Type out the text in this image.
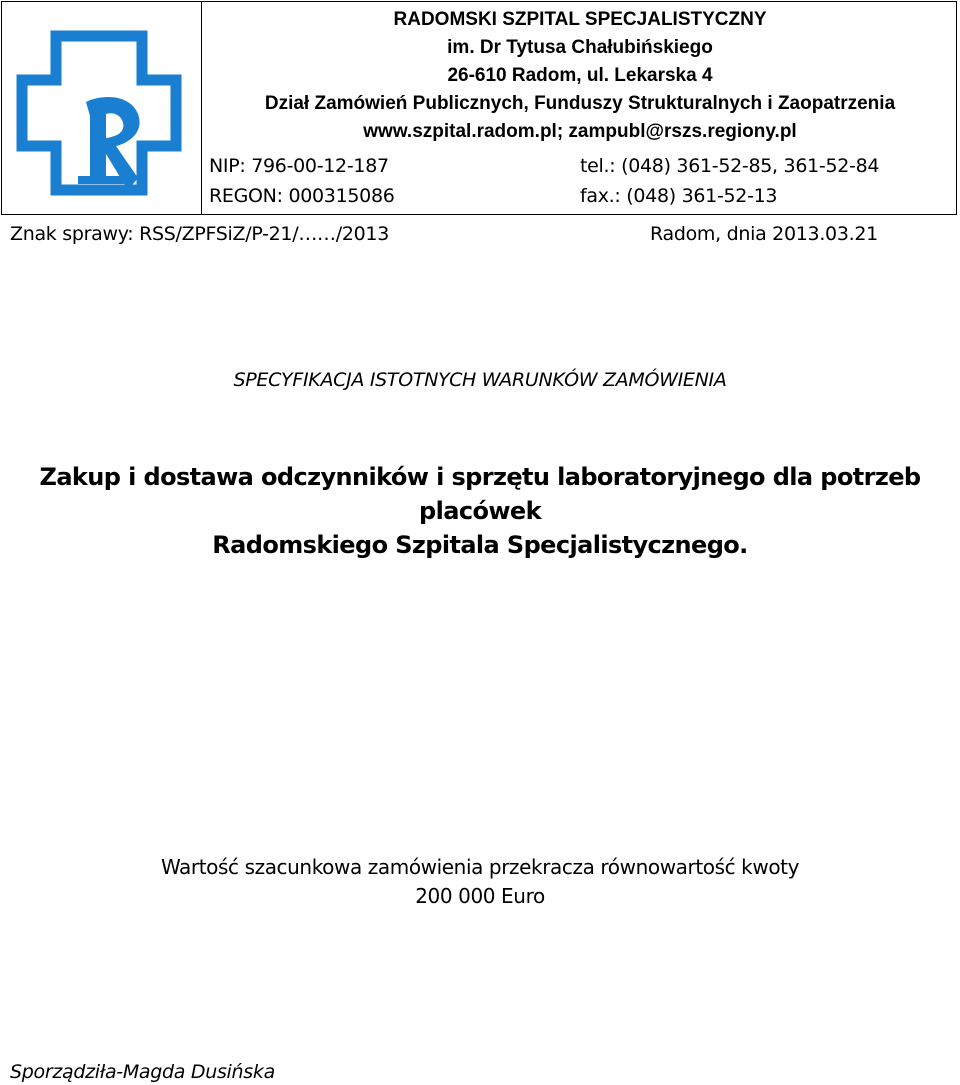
RADOMSKI SZPITAL SPECJALISTYCZNY
im. Dr Tytusa Chałubińskiego
26-610 Radom, ul. Lekarska 4
Dział Zamówień Publicznych, Funduszy Strukturalnych i Zaopatrzenia
www.szpital.radom.pl; zampubl@rszs.regiony.pl
NIP: 796-00-12-187
REGON: 000315086
tel.: (048) 361-52-85, 361-52-84
fax.: (048) 361-52-13
Znak sprawy: RSS/ZPFSiZ/P-21/……/2013	Radom, dnia 2013.03.21
SPECYFIKACJA ISTOTNYCH WARUNKÓW ZAMÓWIENIA
Zakup i dostawa odczynników i sprzętu laboratoryjnego dla potrzeb placówek
Radomskiego Szpitala Specjalistycznego.
Wartość szacunkowa zamówienia przekracza równowartość kwoty
200 000 Euro
Sporządziła-Magda Dusińska
